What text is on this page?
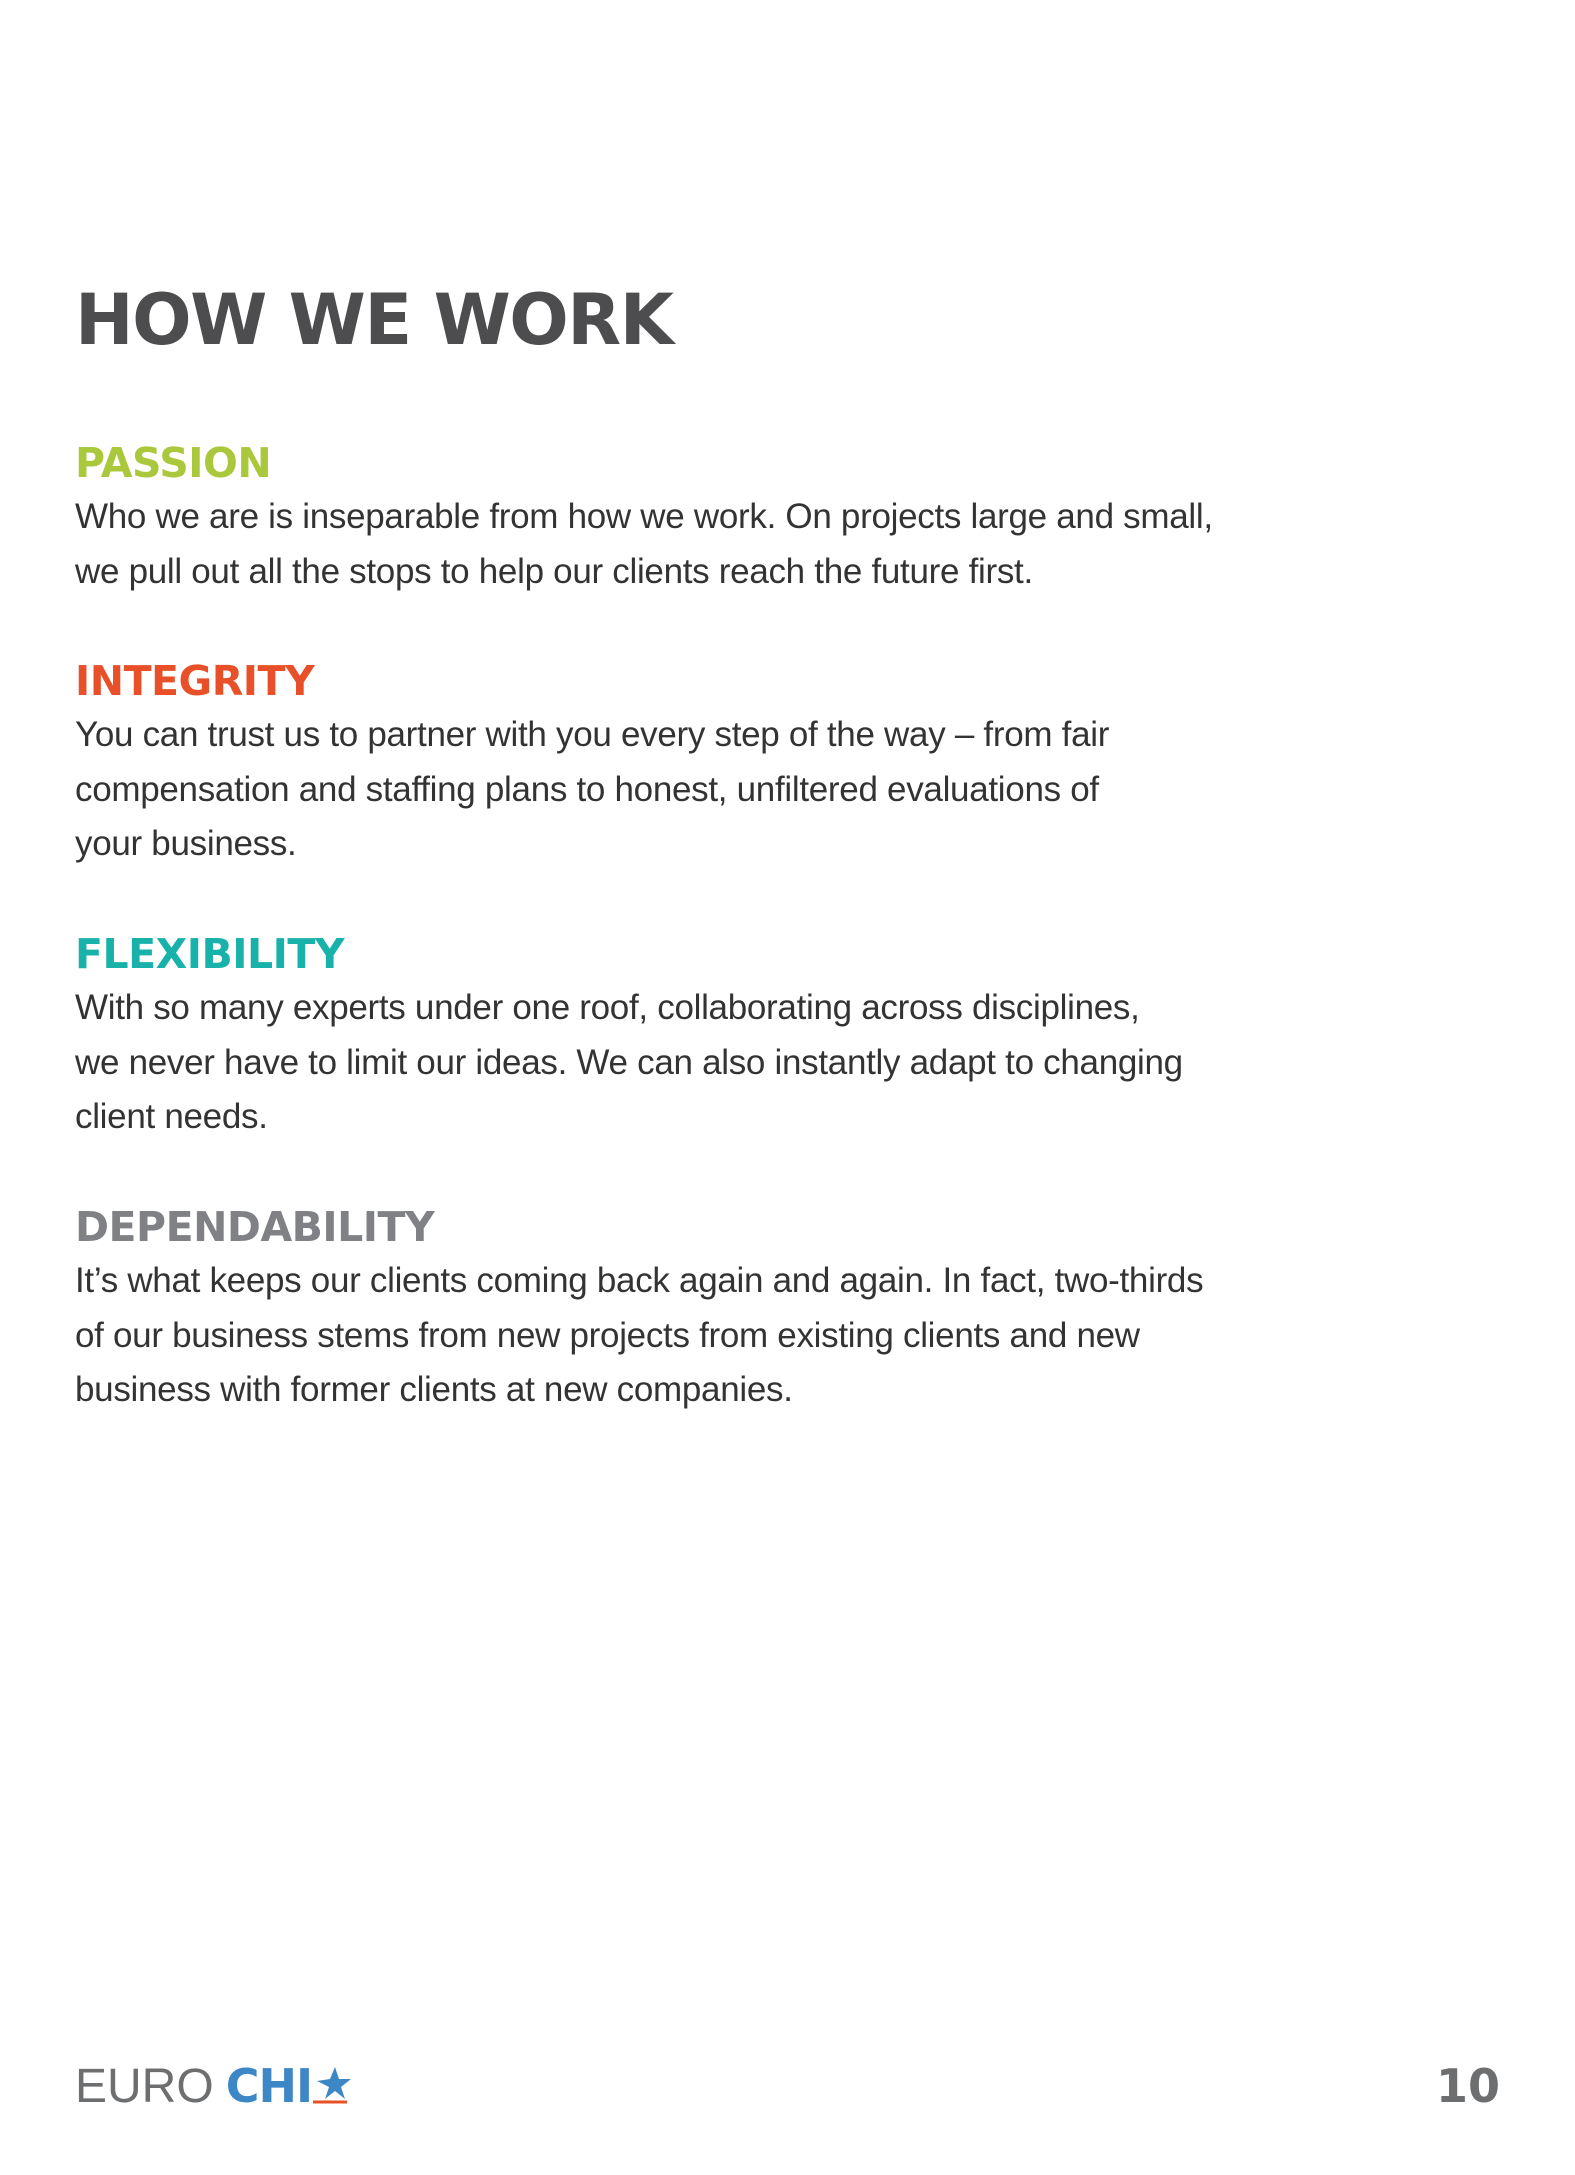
HOW WE WORK
PASSION

Who we are is inseparable from how we work. On projects large and small,
we pull out all the stops to help our clients reach the future first.

INTEGRITY

You can trust us to partner with you every step of the way – from fair
compensation and staffing plans to honest, unfiltered evaluations of
your business.

FLEXIBILITY

With so many experts under one roof, collaborating across disciplines,
we never have to limit our ideas. We can also instantly adapt to changing
client needs.

DEPENDABILITY

It’s what keeps our clients coming back again and again. In fact, two-thirds
of our business stems from new projects from existing clients and new
business with former clients at new companies.

EURO CHI	10
